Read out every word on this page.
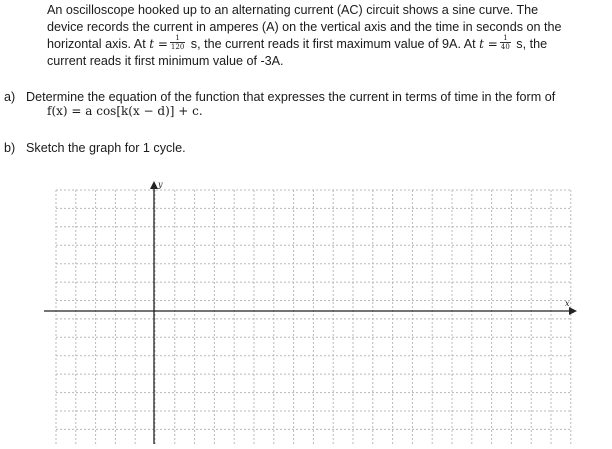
An oscilloscope hooked up to an alternating current (AC) circuit shows a sine curve. The
device records the current in amperes (A) on the vertical axis and the time in seconds on the
horizontal axis. At $t = \frac{1}{120} s$, the current reads it first maximum value of 9A. At $t = \frac{1}{40} s$, the
current reads it first minimum value of -3A.
a) Determine the equation of the function that expresses the current in terms of time in the form of
f(x) = a cos[k(x − d)] + c.
b) Sketch the graph for 1 cycle.
y
x
